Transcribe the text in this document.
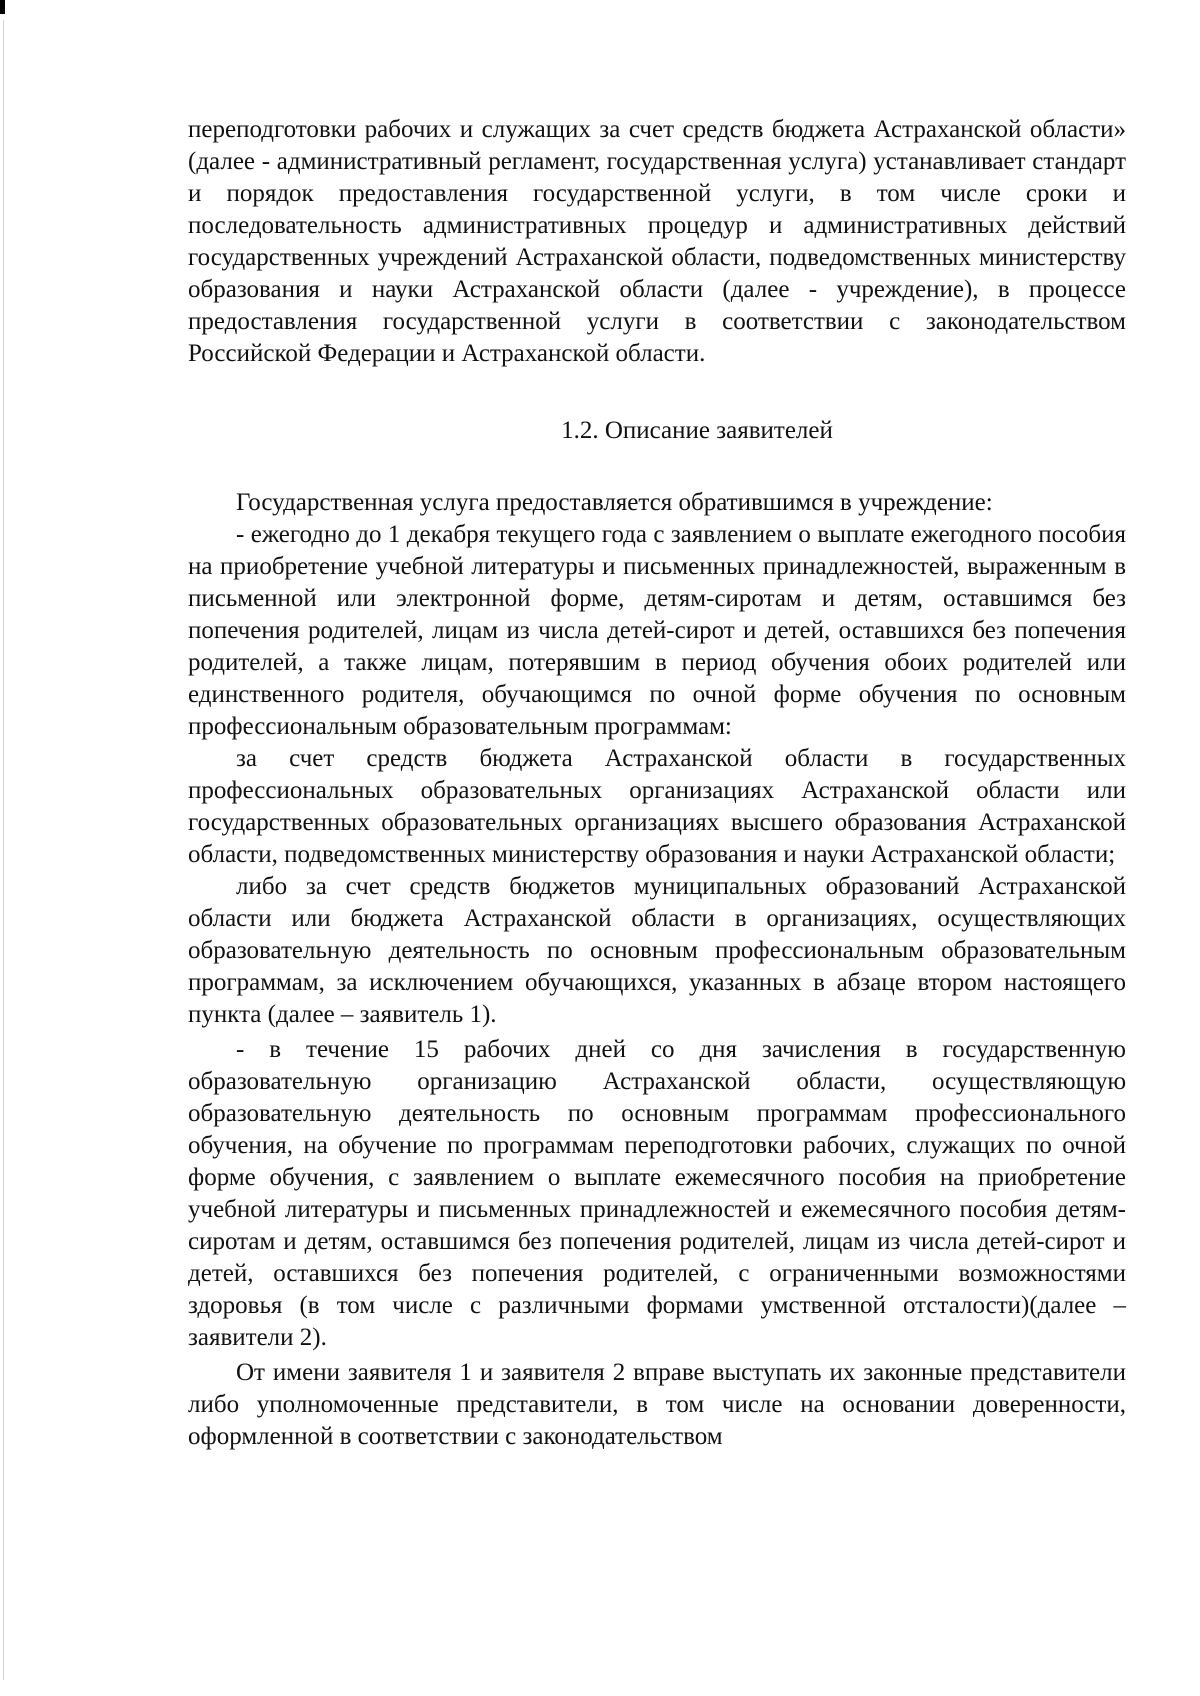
переподготовки рабочих и служащих за счет средств бюджета Астраханской области» (далее - административный регламент, государственная услуга) устанавливает стандарт и порядок предоставления государственной услуги, в том числе сроки и последовательность административных процедур и административных действий государственных учреждений Астраханской области, подведомственных министерству образования и науки Астраханской области (далее - учреждение), в процессе предоставления государственной услуги в соответствии с законодательством Российской Федерации и Астраханской области.

1.2. Описание заявителей

Государственная услуга предоставляется обратившимся в учреждение:

- ежегодно до 1 декабря текущего года с заявлением о выплате ежегодного пособия на приобретение учебной литературы и письменных принадлежностей, выраженным в письменной или электронной форме, детям-сиротам и детям, оставшимся без попечения родителей, лицам из числа детей-сирот и детей, оставшихся без попечения родителей, а также лицам, потерявшим в период обучения обоих родителей или единственного родителя, обучающимся по очной форме обучения по основным профессиональным образовательным программам:

за счет средств бюджета Астраханской области в государственных профессиональных образовательных организациях Астраханской области или государственных образовательных организациях высшего образования Астраханской области, подведомственных министерству образования и науки Астраханской области;

либо за счет средств бюджетов муниципальных образований Астраханской области или бюджета Астраханской области в организациях, осуществляющих образовательную деятельность по основным профессиональным образовательным программам, за исключением обучающихся, указанных в абзаце втором настоящего пункта (далее – заявитель 1).

- в течение 15 рабочих дней со дня зачисления в государственную образовательную организацию Астраханской области, осуществляющую образовательную деятельность по основным программам профессионального обучения, на обучение по программам переподготовки рабочих, служащих по очной форме обучения, с заявлением о выплате ежемесячного пособия на приобретение учебной литературы и письменных принадлежностей и ежемесячного пособия детям-сиротам и детям, оставшимся без попечения родителей, лицам из числа детей-сирот и детей, оставшихся без попечения родителей, с ограниченными возможностями здоровья (в том числе с различными формами умственной отсталости)(далее – заявители 2).

От имени заявителя 1 и заявителя 2 вправе выступать их законные представители либо уполномоченные представители, в том числе на основании доверенности, оформленной в соответствии с законодательством
